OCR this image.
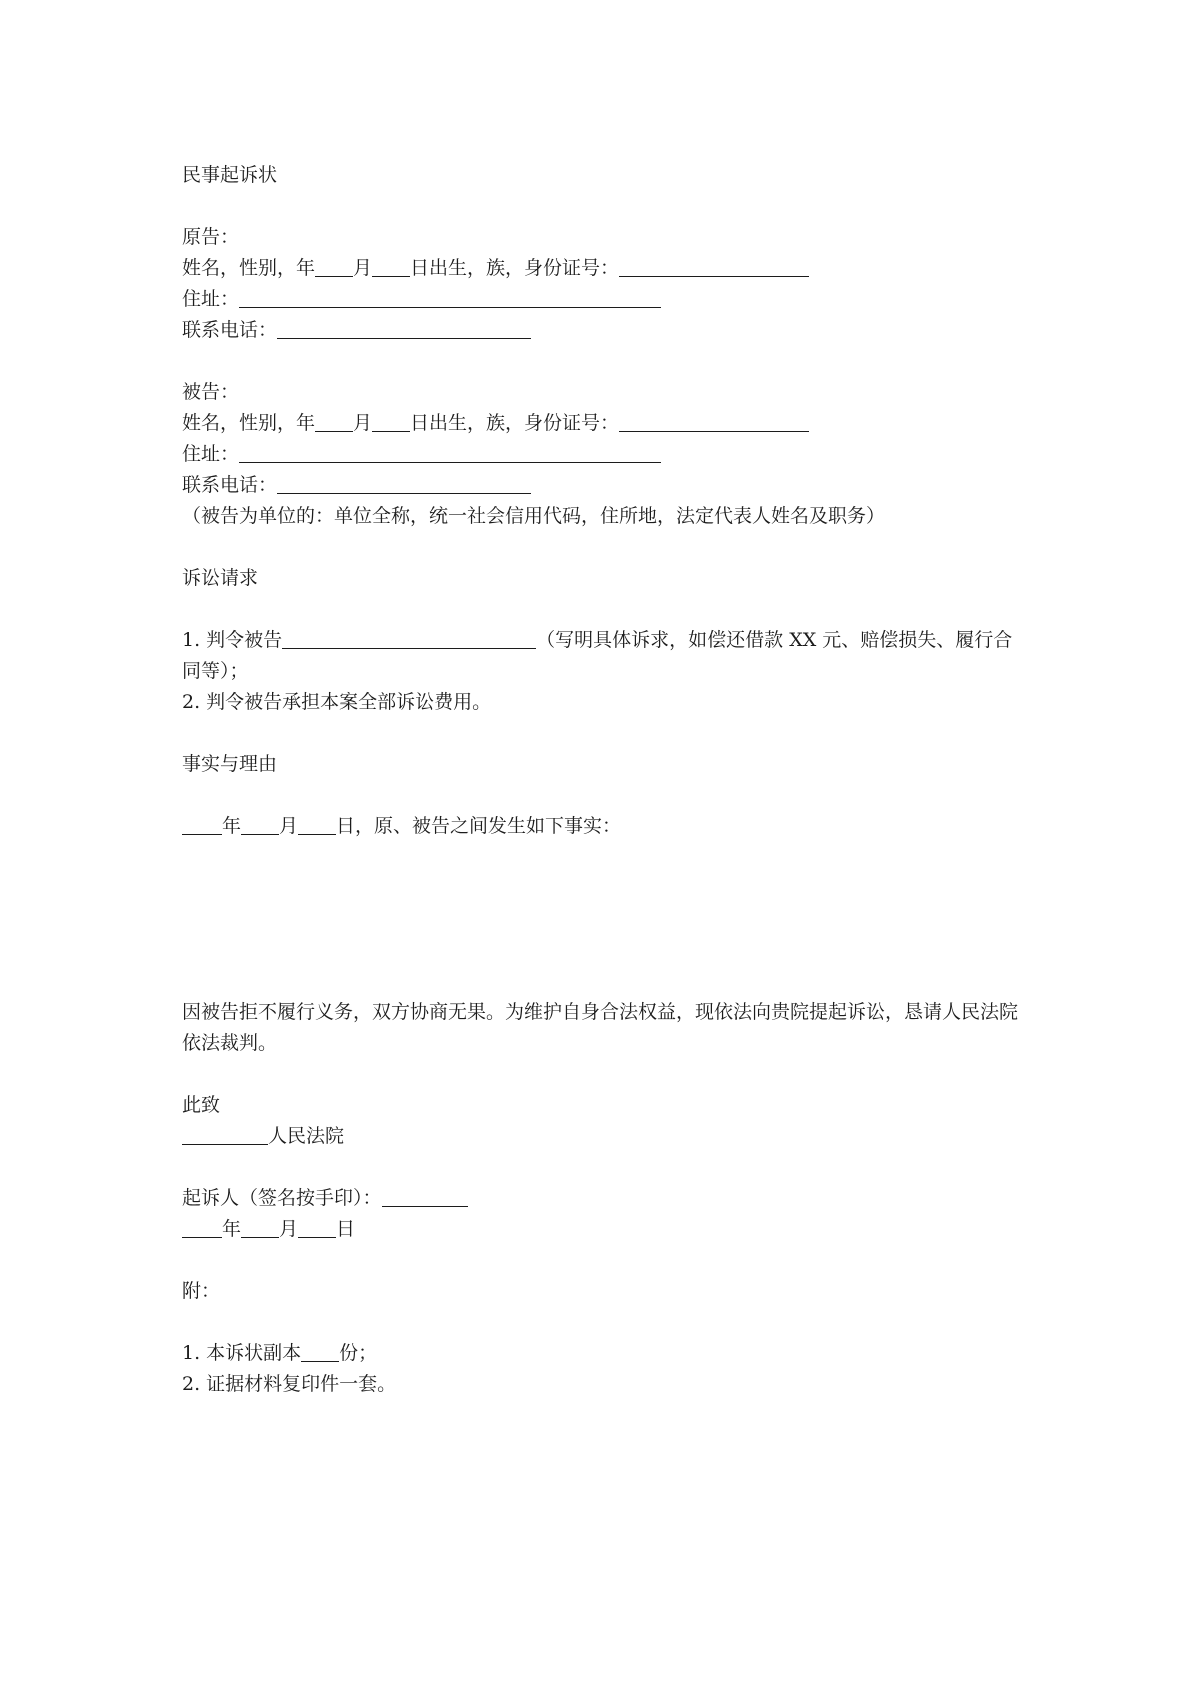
民事起诉状
原告：
姓名，性别，年 月 日出生，族，身份证号：
住址：
联系电话：
被告：
姓名，性别，年 月 日出生，族，身份证号：
住址：
联系电话：
（被告为单位的：单位全称，统一社会信用代码，住所地，法定代表人姓名及职务）
诉讼请求
1. 判令被告	（写明具体诉求，如偿还借款 XX 元、赔偿损失、履行合同等）；
2. 判令被告承担本案全部诉讼费用。
事实与理由
年 月 日，原、被告之间发生如下事实：
因被告拒不履行义务，双方协商无果。为维护自身合法权益，现依法向贵院提起诉讼，恳请人民法院依法裁判。
此致
人民法院
起诉人（签名按手印）：
年 月 日
附：
1. 本诉状副本 份；
2. 证据材料复印件一套。
